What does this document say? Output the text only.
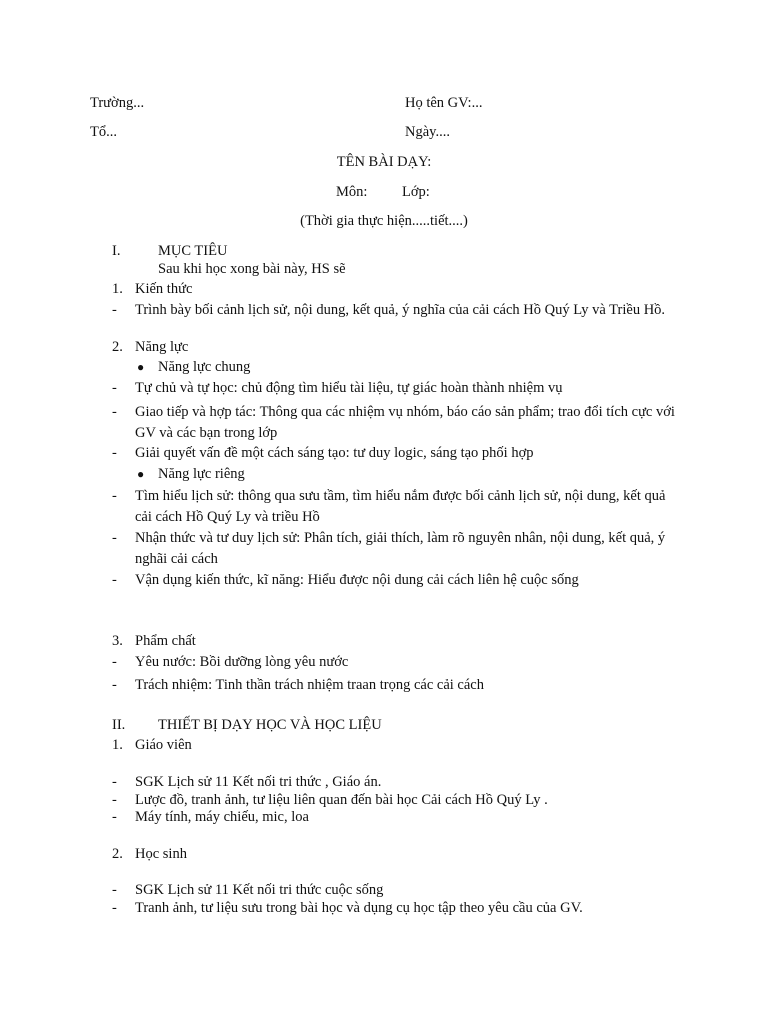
Trường...	Họ tên GV:...
Tổ...	Ngày....
TÊN BÀI DẠY:
Môn: Lớp:
(Thời gia thực hiện.....tiết....)
I.	MỤC TIÊU
Sau khi học xong bài này, HS sẽ
1. Kiến thức
- Trình bày bối cảnh lịch sử, nội dung, kết quả, ý nghĩa của cải cách Hồ Quý Ly và Triều Hồ.
2. Năng lực
● Năng lực chung
- Tự chủ và tự học: chủ động tìm hiểu tài liệu, tự giác hoàn thành nhiệm vụ
- Giao tiếp và hợp tác: Thông qua các nhiệm vụ nhóm, báo cáo sản phẩm; trao đổi tích cực với GV và các bạn trong lớp
- Giải quyết vấn đề một cách sáng tạo: tư duy logic, sáng tạo phối hợp
● Năng lực riêng
- Tìm hiểu lịch sử: thông qua sưu tầm, tìm hiểu nắm được bối cảnh lịch sử, nội dung, kết quả cải cách Hồ Quý Ly và triều Hồ
- Nhận thức và tư duy lịch sử: Phân tích, giải thích, làm rõ nguyên nhân, nội dung, kết quả, ý nghãi cải cách
- Vận dụng kiến thức, kĩ năng: Hiểu được nội dung cải cách liên hệ cuộc sống
3. Phẩm chất
- Yêu nước: Bồi dưỡng lòng yêu nước
- Trách nhiệm: Tinh thần trách nhiệm traan trọng các cải cách
II. THIẾT BỊ DẠY HỌC VÀ HỌC LIỆU
1. Giáo viên
- SGK Lịch sử 11 Kết nối tri thức , Giáo án.
- Lược đồ, tranh ảnh, tư liệu liên quan đến bài học Cải cách Hồ Quý Ly .
- Máy tính, máy chiếu, mic, loa
2. Học sinh
- SGK Lịch sử 11 Kết nối tri thức cuộc sống
- Tranh ảnh, tư liệu sưu trong bài học và dụng cụ học tập theo yêu cầu của GV.
